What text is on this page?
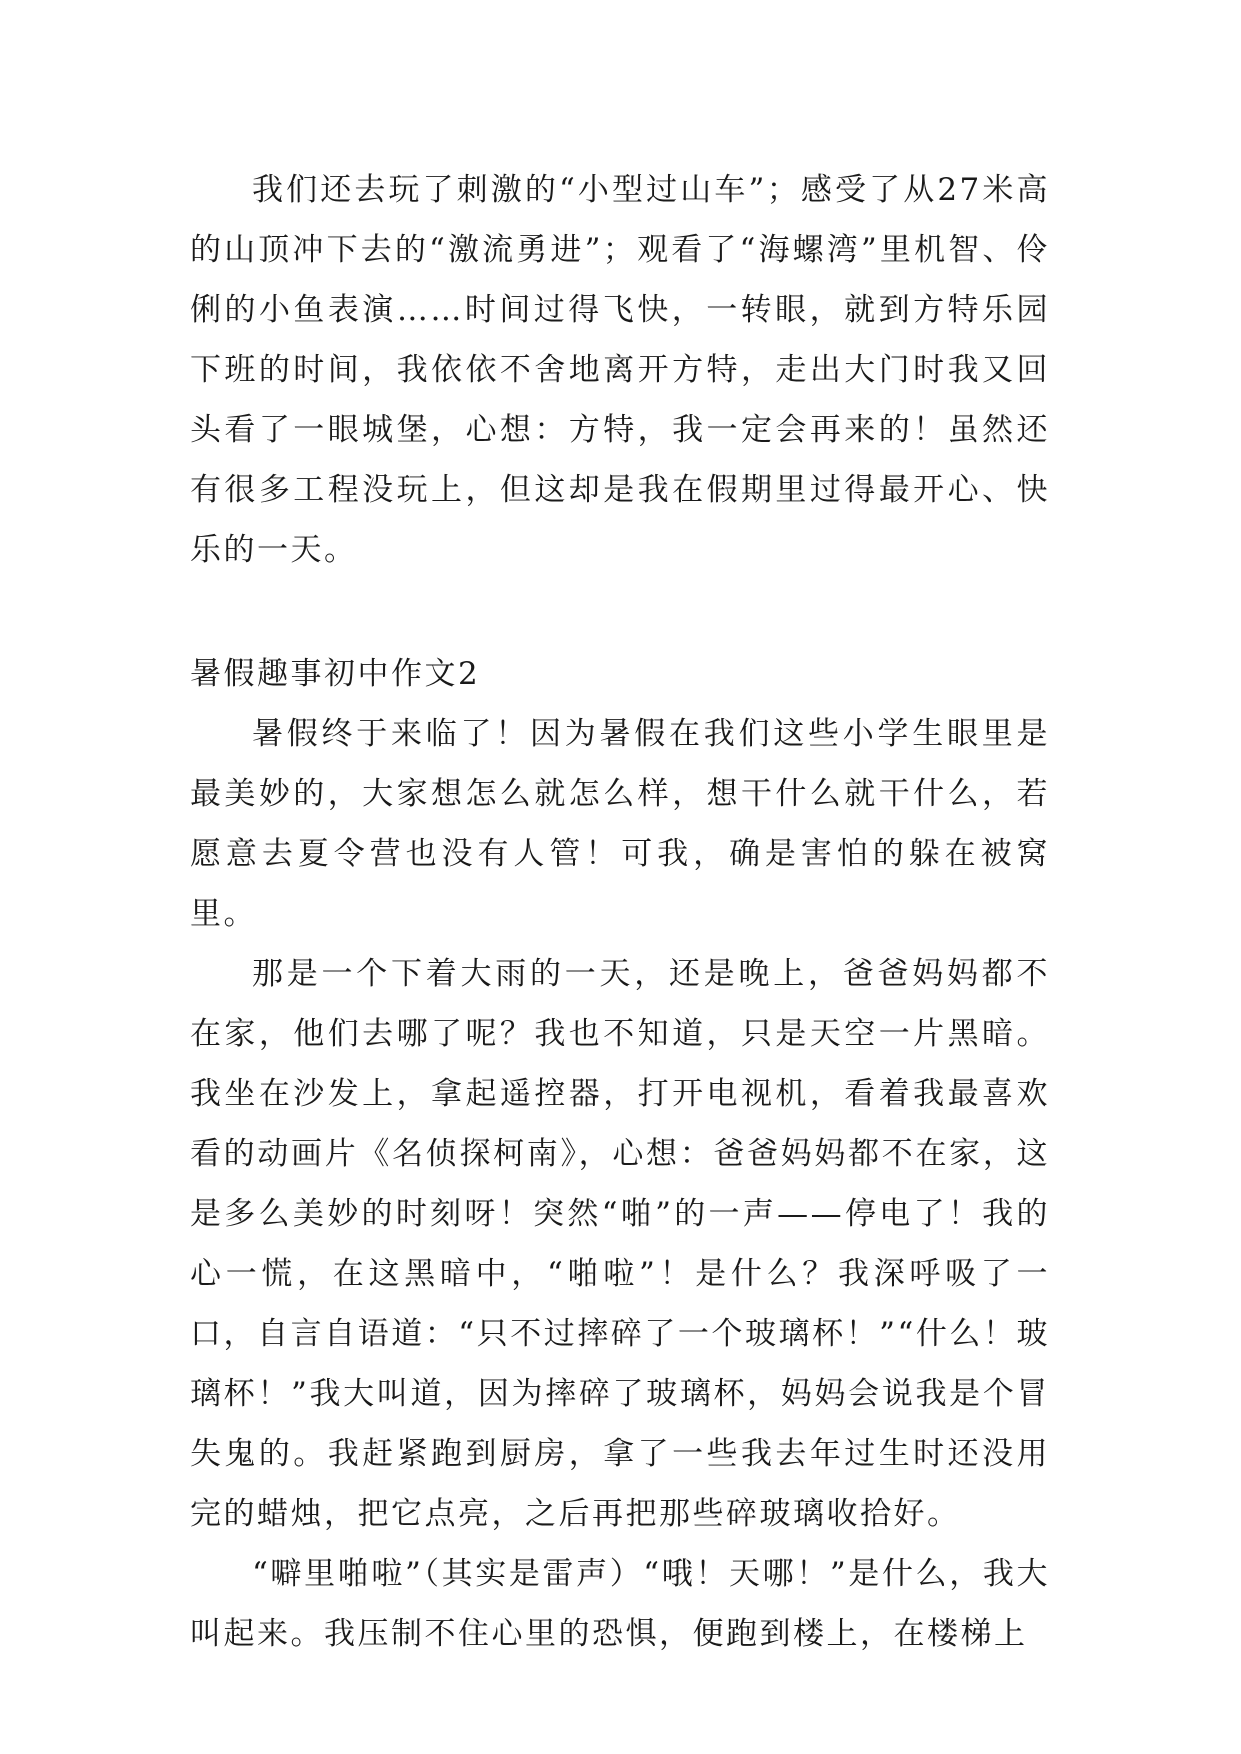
我们还去玩了刺激的“小型过山车”；感受了从27米高的山顶冲下去的“激流勇进”；观看了“海螺湾”里机智、伶俐的小鱼表演……时间过得飞快，一转眼，就到方特乐园下班的时间，我依依不舍地离开方特，走出大门时我又回头看了一眼城堡，心想：方特，我一定会再来的！虽然还有很多工程没玩上，但这却是我在假期里过得最开心、快乐的一天。

暑假趣事初中作文2

暑假终于来临了！因为暑假在我们这些小学生眼里是最美妙的，大家想怎么就怎么样，想干什么就干什么，若愿意去夏令营也没有人管！可我，确是害怕的躲在被窝里。

那是一个下着大雨的一天，还是晚上，爸爸妈妈都不在家，他们去哪了呢？我也不知道，只是天空一片黑暗。我坐在沙发上，拿起遥控器，打开电视机，看着我最喜欢看的动画片《名侦探柯南》，心想：爸爸妈妈都不在家，这是多么美妙的时刻呀！突然“啪”的一声——停电了！我的心一慌，在这黑暗中，“啪啦”！是什么？我深呼吸了一口，自言自语道：“只不过摔碎了一个玻璃杯！”“什么！玻璃杯！”我大叫道，因为摔碎了玻璃杯，妈妈会说我是个冒失鬼的。我赶紧跑到厨房，拿了一些我去年过生时还没用完的蜡烛，把它点亮，之后再把那些碎玻璃收拾好。

“噼里啪啦”（其实是雷声）“哦！天哪！”是什么，我大叫起来。我压制不住心里的恐惧，便跑到楼上，在楼梯上
